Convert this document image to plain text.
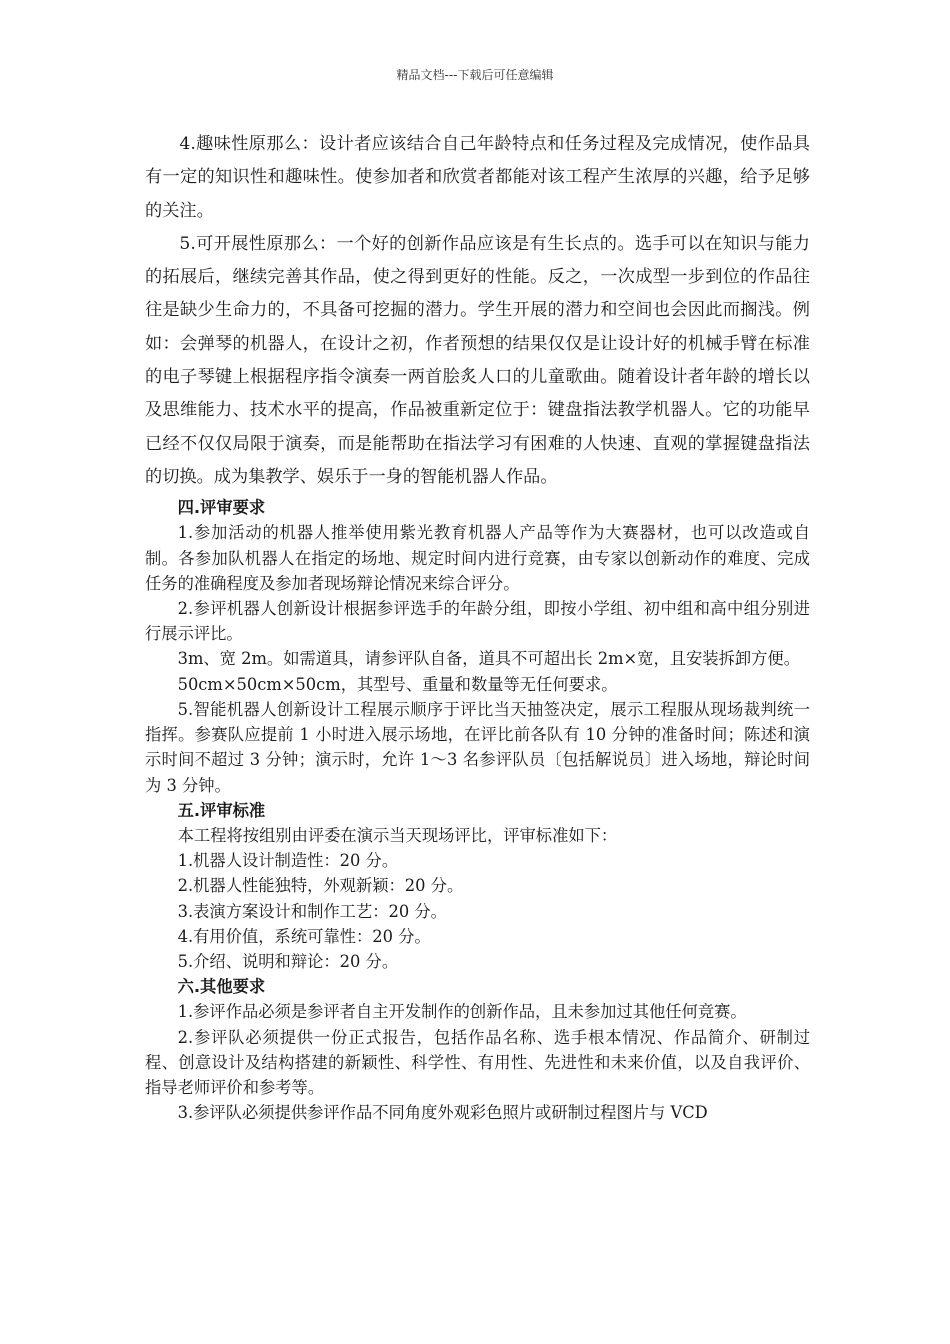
精品文档---下载后可任意编辑

4.趣味性原那么：设计者应该结合自己年龄特点和任务过程及完成情况，使作品具有一定的知识性和趣味性。使参加者和欣赏者都能对该工程产生浓厚的兴趣，给予足够的关注。

5.可开展性原那么：一个好的创新作品应该是有生长点的。选手可以在知识与能力的拓展后，继续完善其作品，使之得到更好的性能。反之，一次成型一步到位的作品往往是缺少生命力的，不具备可挖掘的潜力。学生开展的潜力和空间也会因此而搁浅。例如：会弹琴的机器人，在设计之初，作者预想的结果仅仅是让设计好的机械手臂在标准的电子琴键上根据程序指令演奏一两首脍炙人口的儿童歌曲。随着设计者年龄的增长以及思维能力、技术水平的提高，作品被重新定位于：键盘指法教学机器人。它的功能早已经不仅仅局限于演奏，而是能帮助在指法学习有困难的人快速、直观的掌握键盘指法的切换。成为集教学、娱乐于一身的智能机器人作品。

四.评审要求

1.参加活动的机器人推举使用紫光教育机器人产品等作为大赛器材，也可以改造或自制。各参加队机器人在指定的场地、规定时间内进行竞赛，由专家以创新动作的难度、完成任务的准确程度及参加者现场辩论情况来综合评分。

2.参评机器人创新设计根据参评选手的年龄分组，即按小学组、初中组和高中组分别进行展示评比。

3m、宽 2m。如需道具，请参评队自备，道具不可超出长 2m×宽，且安装拆卸方便。

50cm×50cm×50cm，其型号、重量和数量等无任何要求。

5.智能机器人创新设计工程展示顺序于评比当天抽签决定，展示工程服从现场裁判统一指挥。参赛队应提前 1 小时进入展示场地，在评比前各队有 10 分钟的准备时间；陈述和演示时间不超过 3 分钟；演示时，允许 1～3 名参评队员〔包括解说员〕进入场地，辩论时间为 3 分钟。

五.评审标准

本工程将按组别由评委在演示当天现场评比，评审标准如下：

1.机器人设计制造性：20 分。

2.机器人性能独特，外观新颖：20 分。

3.表演方案设计和制作工艺：20 分。

4.有用价值，系统可靠性：20 分。

5.介绍、说明和辩论：20 分。

六.其他要求

1.参评作品必须是参评者自主开发制作的创新作品，且未参加过其他任何竞赛。

2.参评队必须提供一份正式报告，包括作品名称、选手根本情况、作品简介、研制过程、创意设计及结构搭建的新颖性、科学性、有用性、先进性和未来价值，以及自我评价、指导老师评价和参考等。

3.参评队必须提供参评作品不同角度外观彩色照片或研制过程图片与 VCD
